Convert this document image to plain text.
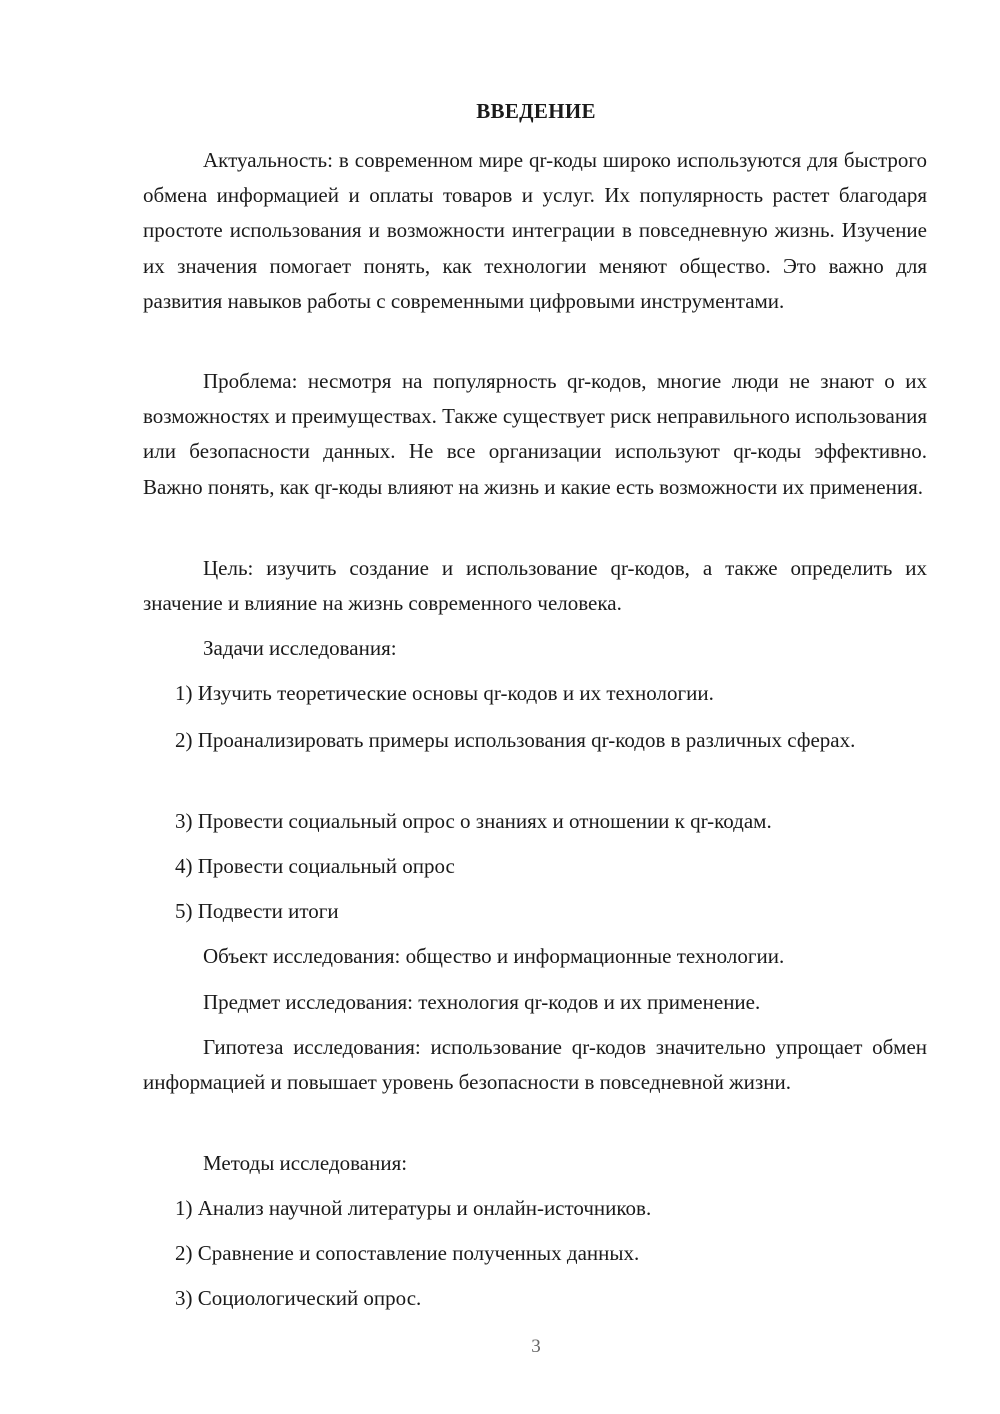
ВВЕДЕНИЕ

Актуальность: в современном мире qr-коды широко используются для быстрого обмена информацией и оплаты товаров и услуг. Их популярность растет благодаря простоте использования и возможности интеграции в повседневную жизнь. Изучение их значения помогает понять, как технологии меняют общество. Это важно для развития навыков работы с современными цифровыми инструментами.

Проблема: несмотря на популярность qr-кодов, многие люди не знают о их возможностях и преимуществах. Также существует риск неправильного использования или безопасности данных. Не все организации используют qr-коды эффективно. Важно понять, как qr-коды влияют на жизнь и какие есть возможности их применения.

Цель: изучить создание и использование qr-кодов, а также определить их значение и влияние на жизнь современного человека.

Задачи исследования:

1) Изучить теоретические основы qr-кодов и их технологии.

2) Проанализировать примеры использования qr-кодов в различных сферах.

3) Провести социальный опрос о знаниях и отношении к qr-кодам.

4) Провести социальный опрос

5) Подвести итоги

Объект исследования: общество и информационные технологии.

Предмет исследования: технология qr-кодов и их применение.

Гипотеза исследования: использование qr-кодов значительно упрощает обмен информацией и повышает уровень безопасности в повседневной жизни.

Методы исследования:

1) Анализ научной литературы и онлайн-источников.

2) Сравнение и сопоставление полученных данных.

3) Социологический опрос.

3
